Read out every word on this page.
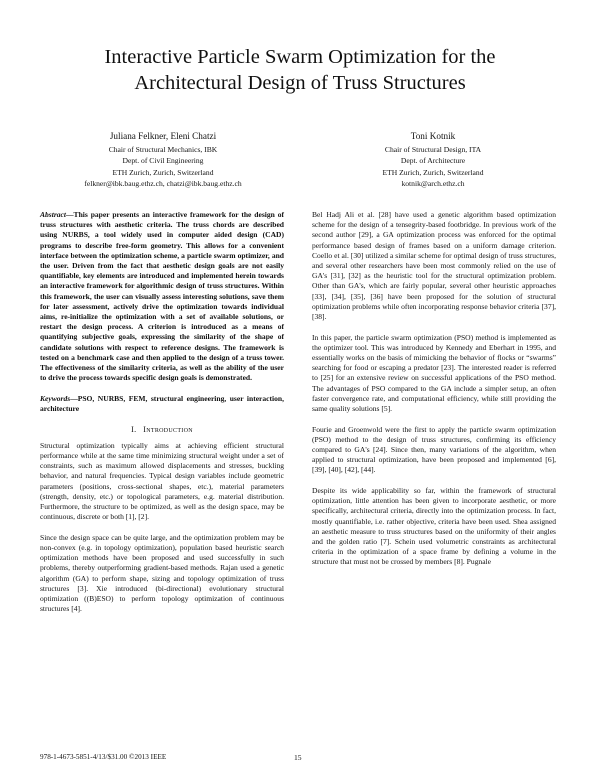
Interactive Particle Swarm Optimization for the
Architectural Design of Truss Structures
Juliana Felkner, Eleni Chatzi
Chair of Structural Mechanics, IBK
Dept. of Civil Engineering
ETH Zurich, Zurich, Switzerland
felkner@ibk.baug.ethz.ch, chatzi@ibk.baug.ethz.ch
Toni Kotnik
Chair of Structural Design, ITA
Dept. of Architecture
ETH Zurich, Zurich, Switzerland
kotnik@arch.ethz.ch

Abstract—This paper presents an interactive framework for the design of truss structures with aesthetic criteria. The truss chords are described using NURBS, a tool widely used in computer aided design (CAD) programs to describe free-form geometry. This allows for a convenient interface between the optimization scheme, a particle swarm optimizer, and the user. Driven from the fact that aesthetic design goals are not easily quantifiable, key elements are introduced and implemented herein towards an interactive framework for algorithmic design of truss structures. Within this framework, the user can visually assess interesting solutions, save them for later assessment, actively drive the optimization towards individual aims, re-initialize the optimization with a set of available solutions, or restart the design process. A criterion is introduced as a means of quantifying subjective goals, expressing the similarity of the shape of candidate solutions with respect to reference designs. The framework is tested on a benchmark case and then applied to the design of a truss tower. The effectiveness of the similarity criteria, as well as the ability of the user to drive the process towards specific design goals is demonstrated.

Keywords—PSO, NURBS, FEM, structural engineering, user interaction, architecture

I. Introduction

Structural optimization typically aims at achieving efficient structural performance while at the same time minimizing structural weight under a set of constraints, such as maximum allowed displacements and stresses, buckling behavior, and natural frequencies. Typical design variables include geometric parameters (positions, cross-sectional shapes, etc.), material parameters (strength, density, etc.) or topological parameters, e.g. material distribution. Furthermore, the structure to be optimized, as well as the design space, may be continuous, discrete or both [1], [2].

Since the design space can be quite large, and the optimization problem may be non-convex (e.g. in topology optimization), population based heuristic search optimization methods have been proposed and used successfully in such problems, thereby outperforming gradient-based methods. Rajan used a genetic algorithm (GA) to perform shape, sizing and topology optimization of truss structures [3]. Xie introduced (bi-directional) evolutionary structural optimization ((B)ESO) to perform topology optimization of continuous structures [4].

Bel Hadj Ali et al. [28] have used a genetic algorithm based optimization scheme for the design of a tensegrity-based footbridge. In previous work of the second author [29], a GA optimization process was enforced for the optimal performance based design of frames based on a uniform damage criterion. Coello et al. [30] utilized a similar scheme for optimal design of truss structures, and several other researchers have been most commonly relied on the use of GA's [31], [32] as the heuristic tool for the structural optimization problem. Other than GA's, which are fairly popular, several other heuristic approaches [33], [34], [35], [36] have been proposed for the solution of structural optimization problems while often incorporating response behavior criteria [37], [38].

In this paper, the particle swarm optimization (PSO) method is implemented as the optimizer tool. This was introduced by Kennedy and Eberhart in 1995, and essentially works on the basis of mimicking the behavior of flocks or “swarms” searching for food or escaping a predator [23]. The interested reader is referred to [25] for an extensive review on successful applications of the PSO method. The advantages of PSO compared to the GA include a simpler setup, an often faster convergence rate, and computational efficiency, while still providing the same quality solutions [5].

Fourie and Groenwold were the first to apply the particle swarm optimization (PSO) method to the design of truss structures, confirming its efficiency compared to GA's [24]. Since then, many variations of the algorithm, when applied to structural optimization, have been proposed and implemented [6], [39], [40], [42], [44].

Despite its wide applicability so far, within the framework of structural optimization, little attention has been given to incorporate aesthetic, or more specifically, architectural criteria, directly into the optimization process. In fact, mostly quantifiable, i.e. rather objective, criteria have been used. Shea assigned an aesthetic measure to truss structures based on the uniformity of their angles and the golden ratio [7]. Schein used volumetric constraints as architectural criteria in the optimization of a space frame by defining a volume in the structure that must not be crossed by members [8]. Pugnale

978-1-4673-5851-4/13/$31.00 ©2013 IEEE	15
